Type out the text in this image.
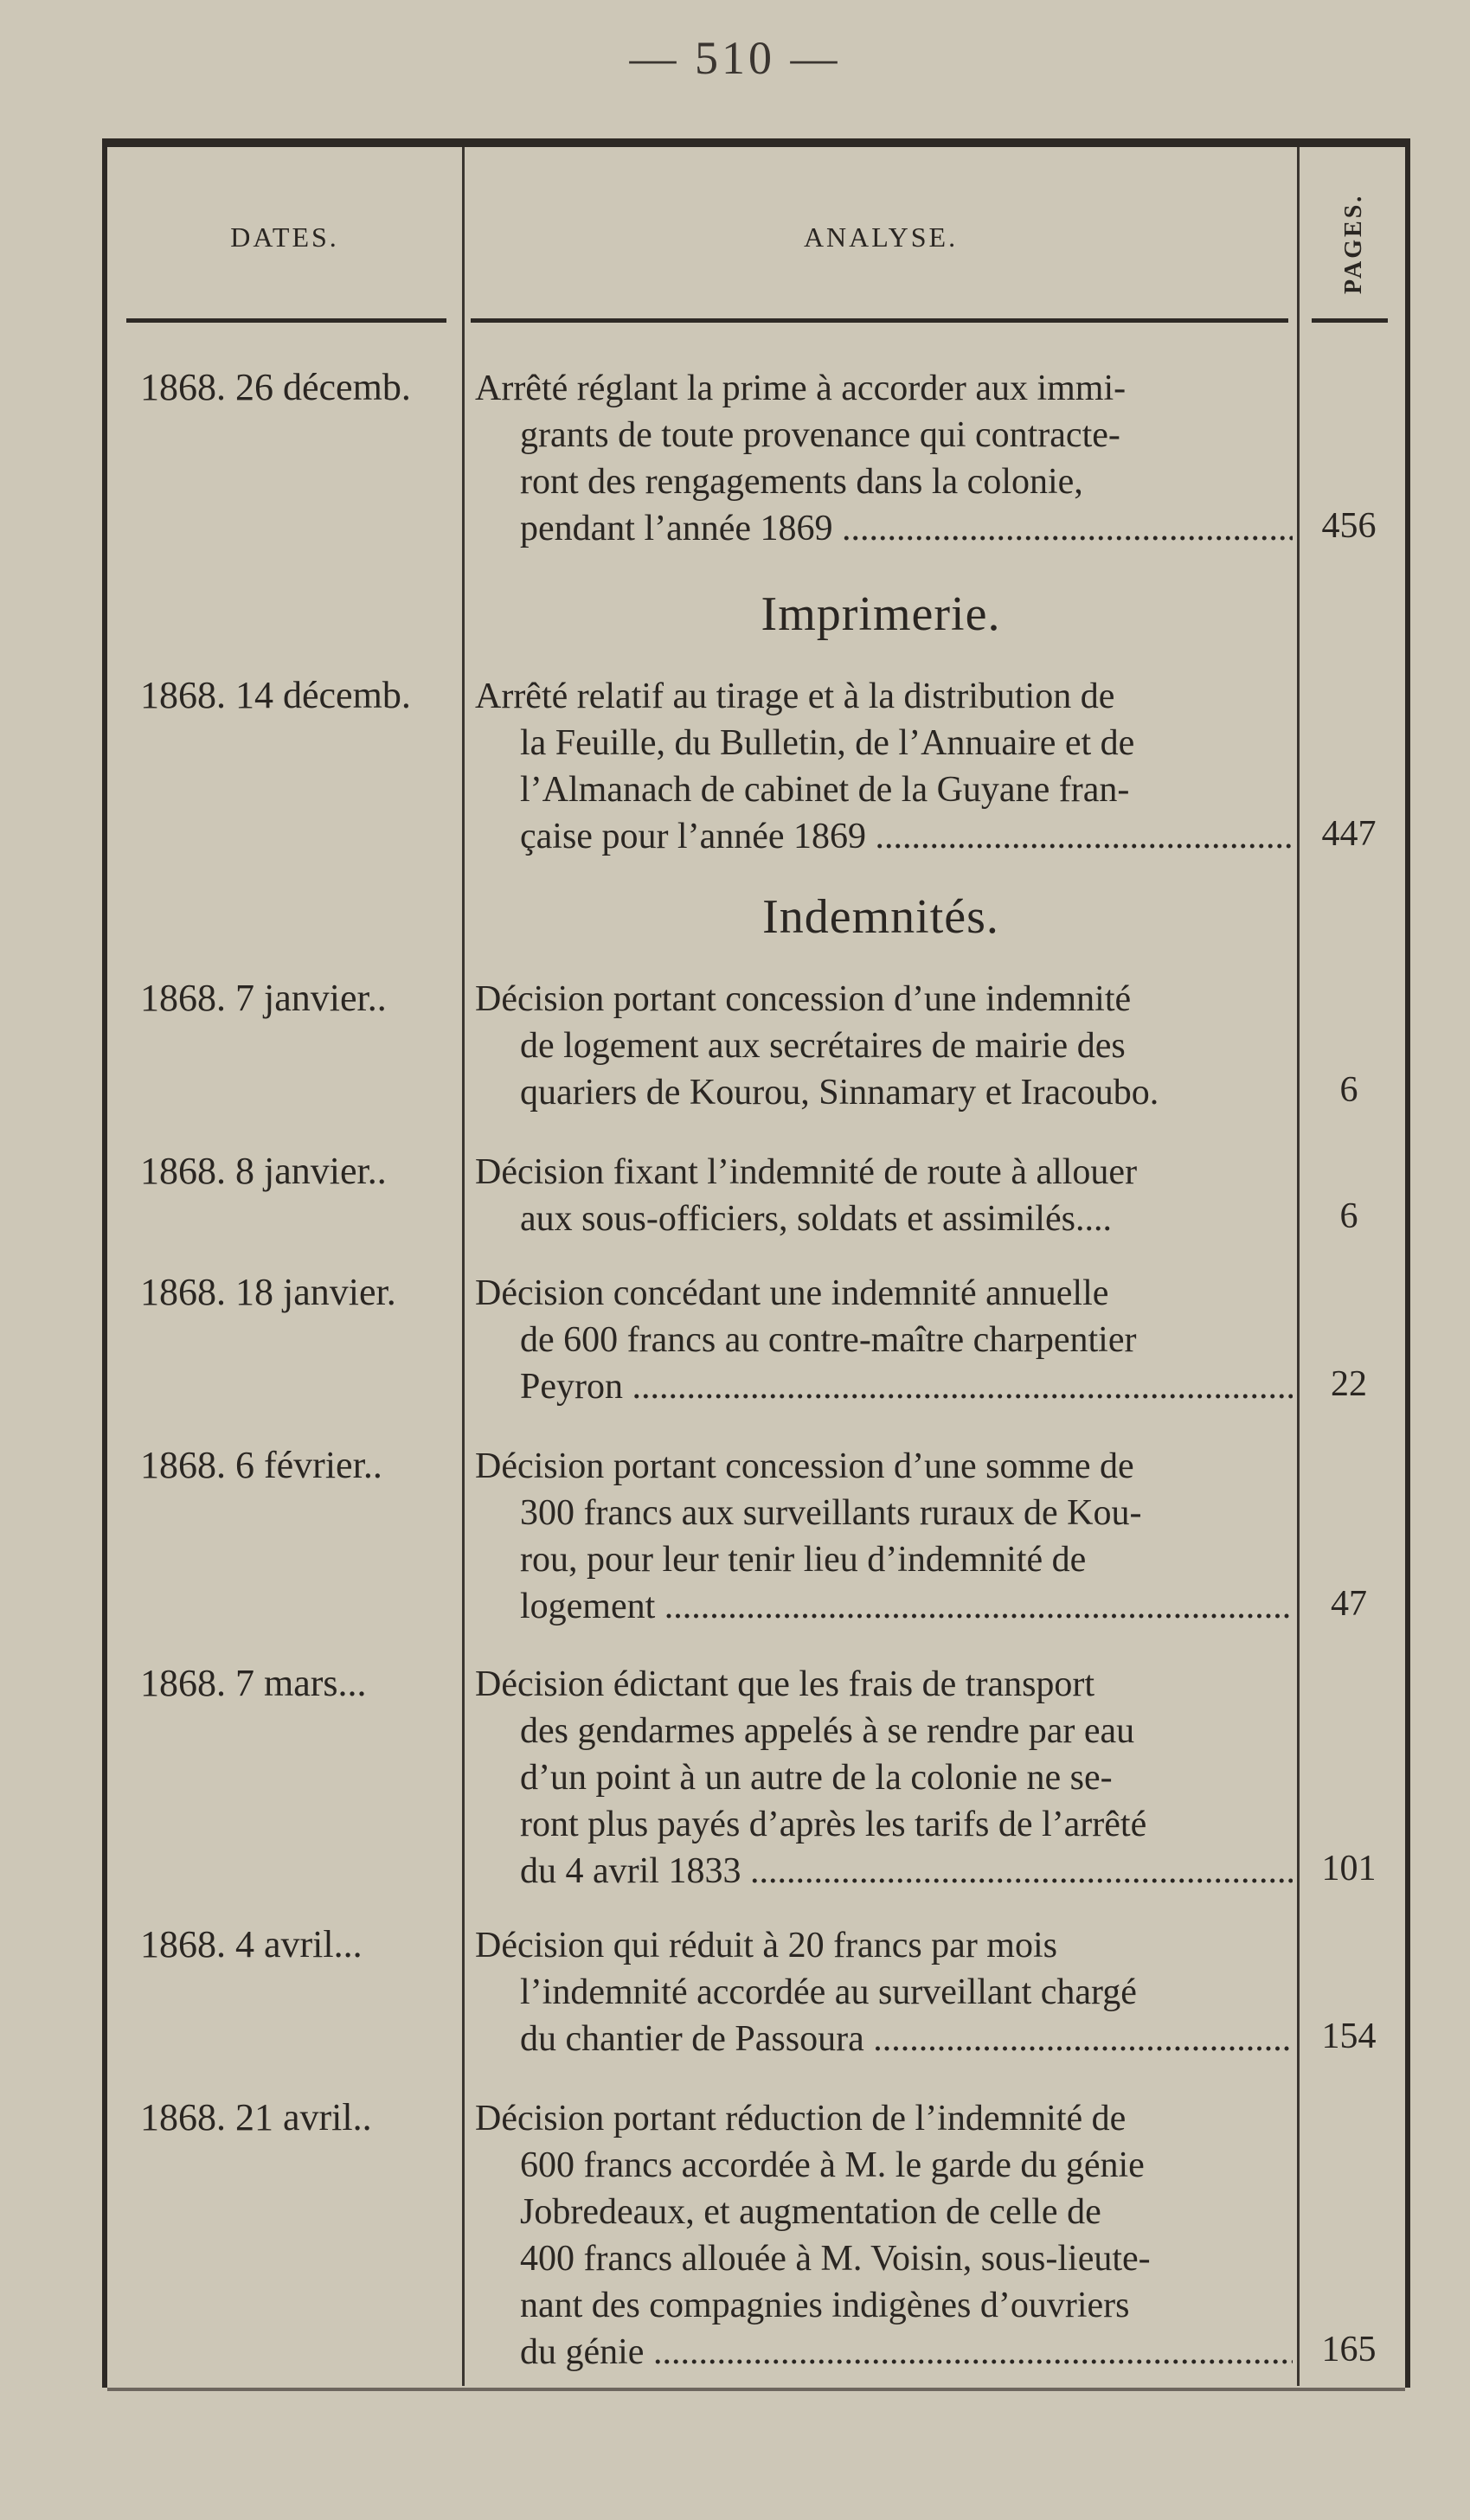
— 510 —
DATES.	ANALYSE.	PAGES.
1868. 26 décemb.	Arrêté réglant la prime à accorder aux immi-
grants de toute provenance qui contracte-
ront des rengagements dans la colonie,
pendant l’année 1869 .....	456
Imprimerie.
1868. 14 décemb.	Arrêté relatif au tirage et à la distribution de
la Feuille, du Bulletin, de l’Annuaire et de
l’Almanach de cabinet de la Guyane fran-
çaise pour l’année 1869 .....	447
Indemnités.
1868. 7 janvier..	Décision portant concession d’une indemnité
de logement aux secrétaires de mairie des
quariers de Kourou, Sinnamary et Iracoubo.	6
1868. 8 janvier..	Décision fixant l’indemnité de route à allouer
aux sous-officiers, soldats et assimilés....	6
1868. 18 janvier.	Décision concédant une indemnité annuelle
de 600 francs au contre-maître charpentier
Peyron .....	22
1868. 6 février..	Décision portant concession d’une somme de
300 francs aux surveillants ruraux de Kou-
rou, pour leur tenir lieu d’indemnité de
logement .....	47
1868. 7 mars...	Décision édictant que les frais de transport
des gendarmes appelés à se rendre par eau
d’un point à un autre de la colonie ne se-
ront plus payés d’après les tarifs de l’arrêté
du 4 avril 1833 .....	101
1868. 4 avril...	Décision qui réduit à 20 francs par mois
l’indemnité accordée au surveillant chargé
du chantier de Passoura .....	154
1868. 21 avril..	Décision portant réduction de l’indemnité de
600 francs accordée à M. le garde du génie
Jobredeaux, et augmentation de celle de
400 francs allouée à M. Voisin, sous-lieute-
nant des compagnies indigènes d’ouvriers
du génie .....	165
